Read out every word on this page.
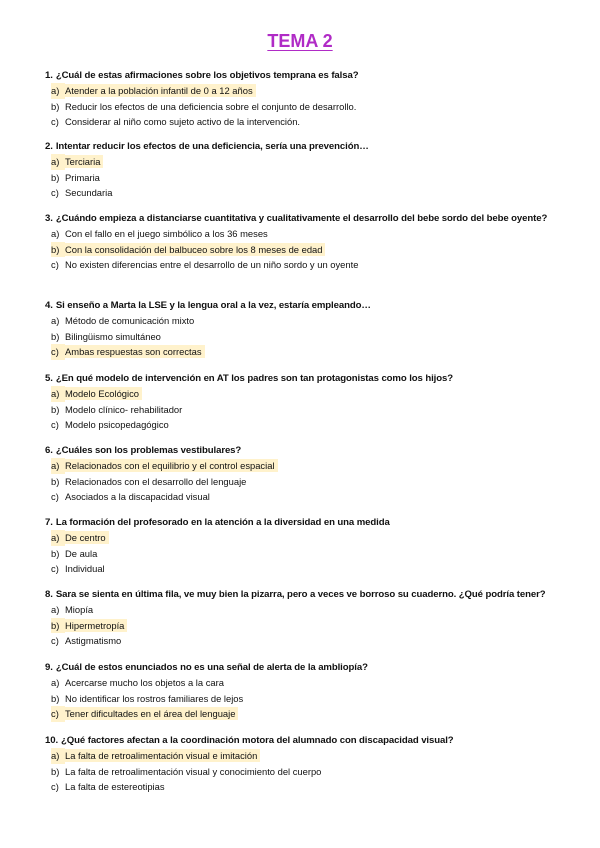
TEMA 2
1. ¿Cuál de estas afirmaciones sobre los objetivos temprana es falsa?
a) Atender a la población infantil de 0 a 12 años
b) Reducir los efectos de una deficiencia sobre el conjunto de desarrollo.
c) Considerar al niño como sujeto activo de la intervención.
2. Intentar reducir los efectos de una deficiencia, sería una prevención…
a) Terciaria
b) Primaria
c) Secundaria
3. ¿Cuándo empieza a distanciarse cuantitativa y cualitativamente el desarrollo del bebe sordo del bebe oyente?
a) Con el fallo en el juego simbólico a los 36 meses
b) Con la consolidación del balbuceo sobre los 8 meses de edad
c) No existen diferencias entre el desarrollo de un niño sordo y un oyente
4. Si enseño a Marta la LSE y la lengua oral a la vez, estaría empleando…
a) Método de comunicación mixto
b) Bilingüismo simultáneo
c) Ambas respuestas son correctas
5. ¿En qué modelo de intervención en AT los padres son tan protagonistas como los hijos?
a) Modelo Ecológico
b) Modelo clínico- rehabilitador
c) Modelo psicopedagógico
6. ¿Cuáles son los problemas vestibulares?
a) Relacionados con el equilibrio y el control espacial
b) Relacionados con el desarrollo del lenguaje
c) Asociados a la discapacidad visual
7. La formación del profesorado en la atención a la diversidad en una medida
a) De centro
b) De aula
c) Individual
8. Sara se sienta en última fila, ve muy bien la pizarra, pero a veces ve borroso su cuaderno. ¿Qué podría tener?
a) Miopía
b) Hipermetropía
c) Astigmatismo
9. ¿Cuál de estos enunciados no es una señal de alerta de la ambliopía?
a) Acercarse mucho los objetos a la cara
b) No identificar los rostros familiares de lejos
c) Tener dificultades en el área del lenguaje
10. ¿Qué factores afectan a la coordinación motora del alumnado con discapacidad visual?
a) La falta de retroalimentación visual e imitación
b) La falta de retroalimentación visual y conocimiento del cuerpo
c) La falta de estereotipias
